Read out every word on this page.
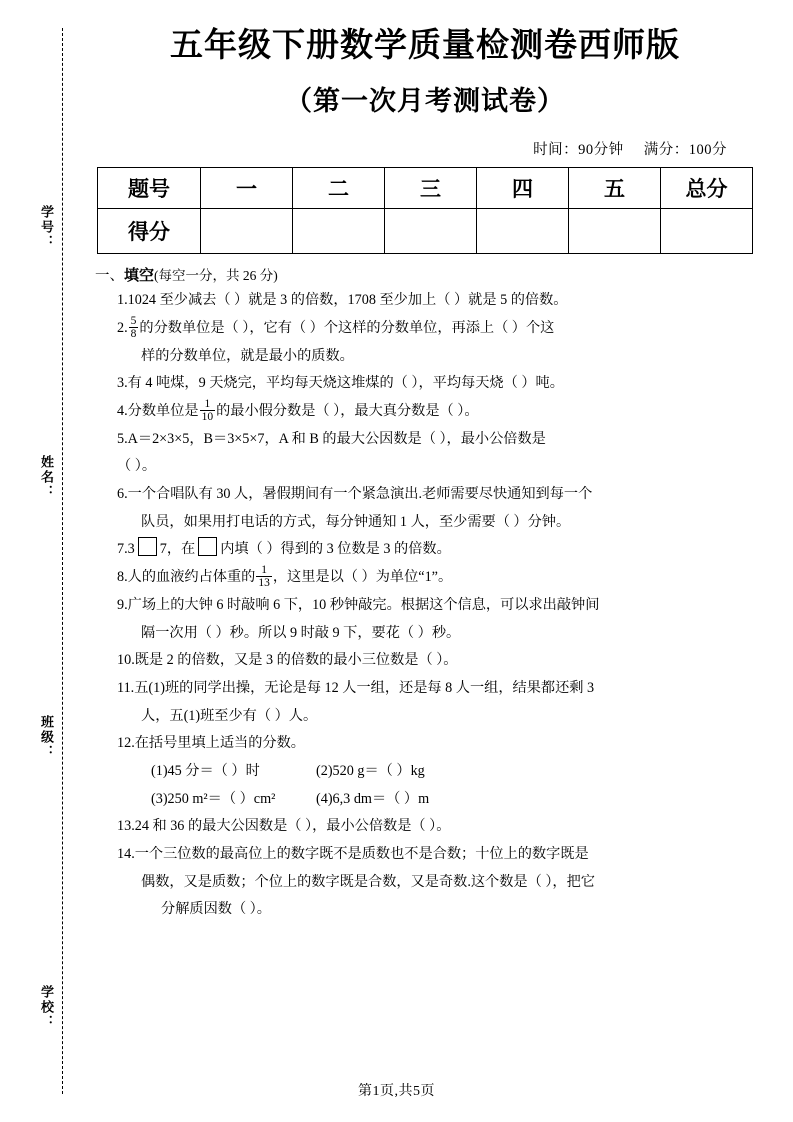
学号：
姓名：
班级：
学校：
五年级下册数学质量检测卷西师版
（第一次月考测试卷）
时间：90分钟 满分：100分
题号	一	二	三	四	五	总分
得分						
一、填空(每空一分，共 26 分)
1.1024 至少减去（ ）就是 3 的倍数，1708 至少加上（ ）就是 5 的倍数。
2. $\frac{5}{8}$ 的分数单位是（ ），它有（ ）个这样的分数单位，再添上（ ）个这
样的分数单位，就是最小的质数。
3.有 4 吨煤，9 天烧完，平均每天烧这堆煤的（ ），平均每天烧（ ）吨。
4.分数单位是 $\frac{1}{10}$ 的最小假分数是（ ），最大真分数是（ ）。
5.A＝2×3×5，B＝3×5×7，A 和 B 的最大公因数是（ ），最小公倍数是
（ ）。
6.一个合唱队有 30 人，暑假期间有一个紧急演出.老师需要尽快通知到每一个
队员，如果用打电话的方式，每分钟通知 1 人，至少需要（ ）分钟。
7.3 7，在 内填（ ）得到的 3 位数是 3 的倍数。
8.人的血液约占体重的 $\frac{1}{13}$ ，这里是以（ ）为单位“1”。
9.广场上的大钟 6 时敲响 6 下，10 秒钟敲完。根据这个信息，可以求出敲钟间
隔一次用（ ）秒。所以 9 时敲 9 下，要花（ ）秒。
10.既是 2 的倍数，又是 3 的倍数的最小三位数是（ ）。
11.五(1)班的同学出操，无论是每 12 人一组，还是每 8 人一组，结果都还剩 3
人，五(1)班至少有（ ）人。
12.在括号里填上适当的分数。
(1)45 分＝（ ）时	(2)520 g＝（ ）kg
(3)250 m²＝（ ）cm²	(4)6,3 dm＝（ ）m
13.24 和 36 的最大公因数是（ ），最小公倍数是（ ）。
14.一个三位数的最高位上的数字既不是质数也不是合数；十位上的数字既是
偶数，又是质数；个位上的数字既是合数，又是奇数.这个数是（ ），把它
分解质因数（ ）。
第1页,共5页
